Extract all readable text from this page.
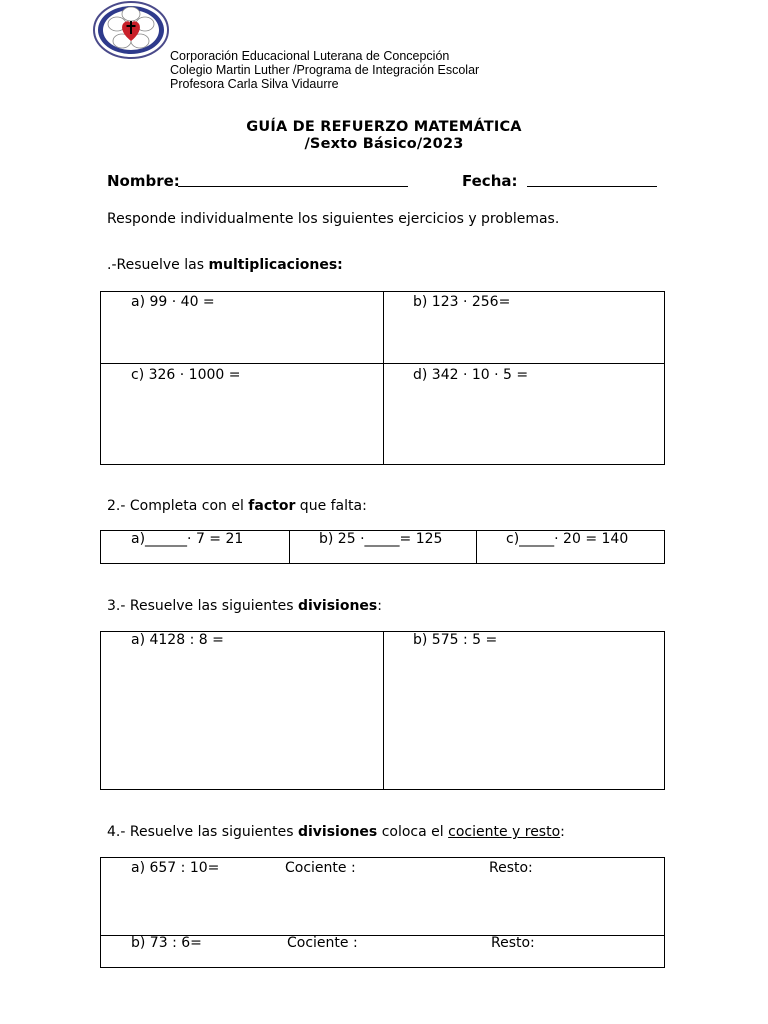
Corporación Educacional Luterana de Concepción
Colegio Martin Luther /Programa de Integración Escolar
Profesora Carla Silva Vidaurre
GUÍA DE REFUERZO MATEMÁTICA
/Sexto Básico/2023
Nombre:	Fecha:
Responde individualmente los siguientes ejercicios y problemas.
.-Resuelve las multiplicaciones:
a) 99 · 40 =	b) 123 · 256=
c) 326 · 1000 =	d) 342 · 10 · 5 =
2.- Completa con el factor que falta:
a)______· 7 = 21	b) 25 ·_____= 125	c)_____· 20 = 140
3.- Resuelve las siguientes divisiones:
a) 4128 : 8 =	b) 575 : 5 =
4.- Resuelve las siguientes divisiones coloca el cociente y resto:
a) 657 : 10=	Cociente :	Resto:
b) 73 : 6=	Cociente :	Resto:
